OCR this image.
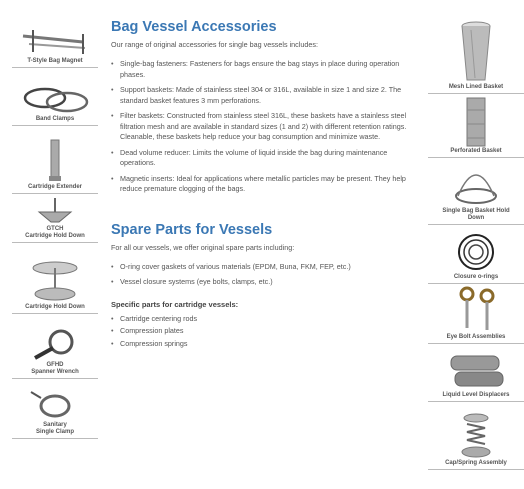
T-Style Bag Magnet
Band Clamps
Cartridge Extender
GTCH
Cartridge Hold Down
Cartridge Hold Down
GFHD
Spanner Wrench
Sanitary
Single Clamp
Bag Vessel Accessories
Our range of original accessories for single bag vessels includes:
• Single-bag fasteners: Fasteners for bags ensure the bag stays in place during operation phases.
• Support baskets: Made of stainless steel 304 or 316L, available in size 1 and size 2. The standard basket features 3 mm perforations.
• Filter baskets: Constructed from stainless steel 316L, these baskets have a stainless steel filtration mesh and are available in standard sizes (1 and 2) with different retention ratings. Cleanable, these baskets help reduce your bag consumption and minimize waste.
• Dead volume reducer: Limits the volume of liquid inside the bag during maintenance operations.
• Magnetic inserts: Ideal for applications where metallic particles may be present. They help reduce premature clogging of the bags.
Spare Parts for Vessels
For all our vessels, we offer original spare parts including:
• O-ring cover gaskets of various materials (EPDM, Buna, FKM, FEP, etc.)
• Vessel closure systems (eye bolts, clamps, etc.)
Specific parts for cartridge vessels:
• Cartridge centering rods
• Compression plates
• Compression springs
Mesh Lined Basket
Perforated Basket
Single Bag Basket Hold
Down
Closure o-rings
Eye Bolt Assemblies
Liquid Level Displacers
Cap/Spring Assembly
